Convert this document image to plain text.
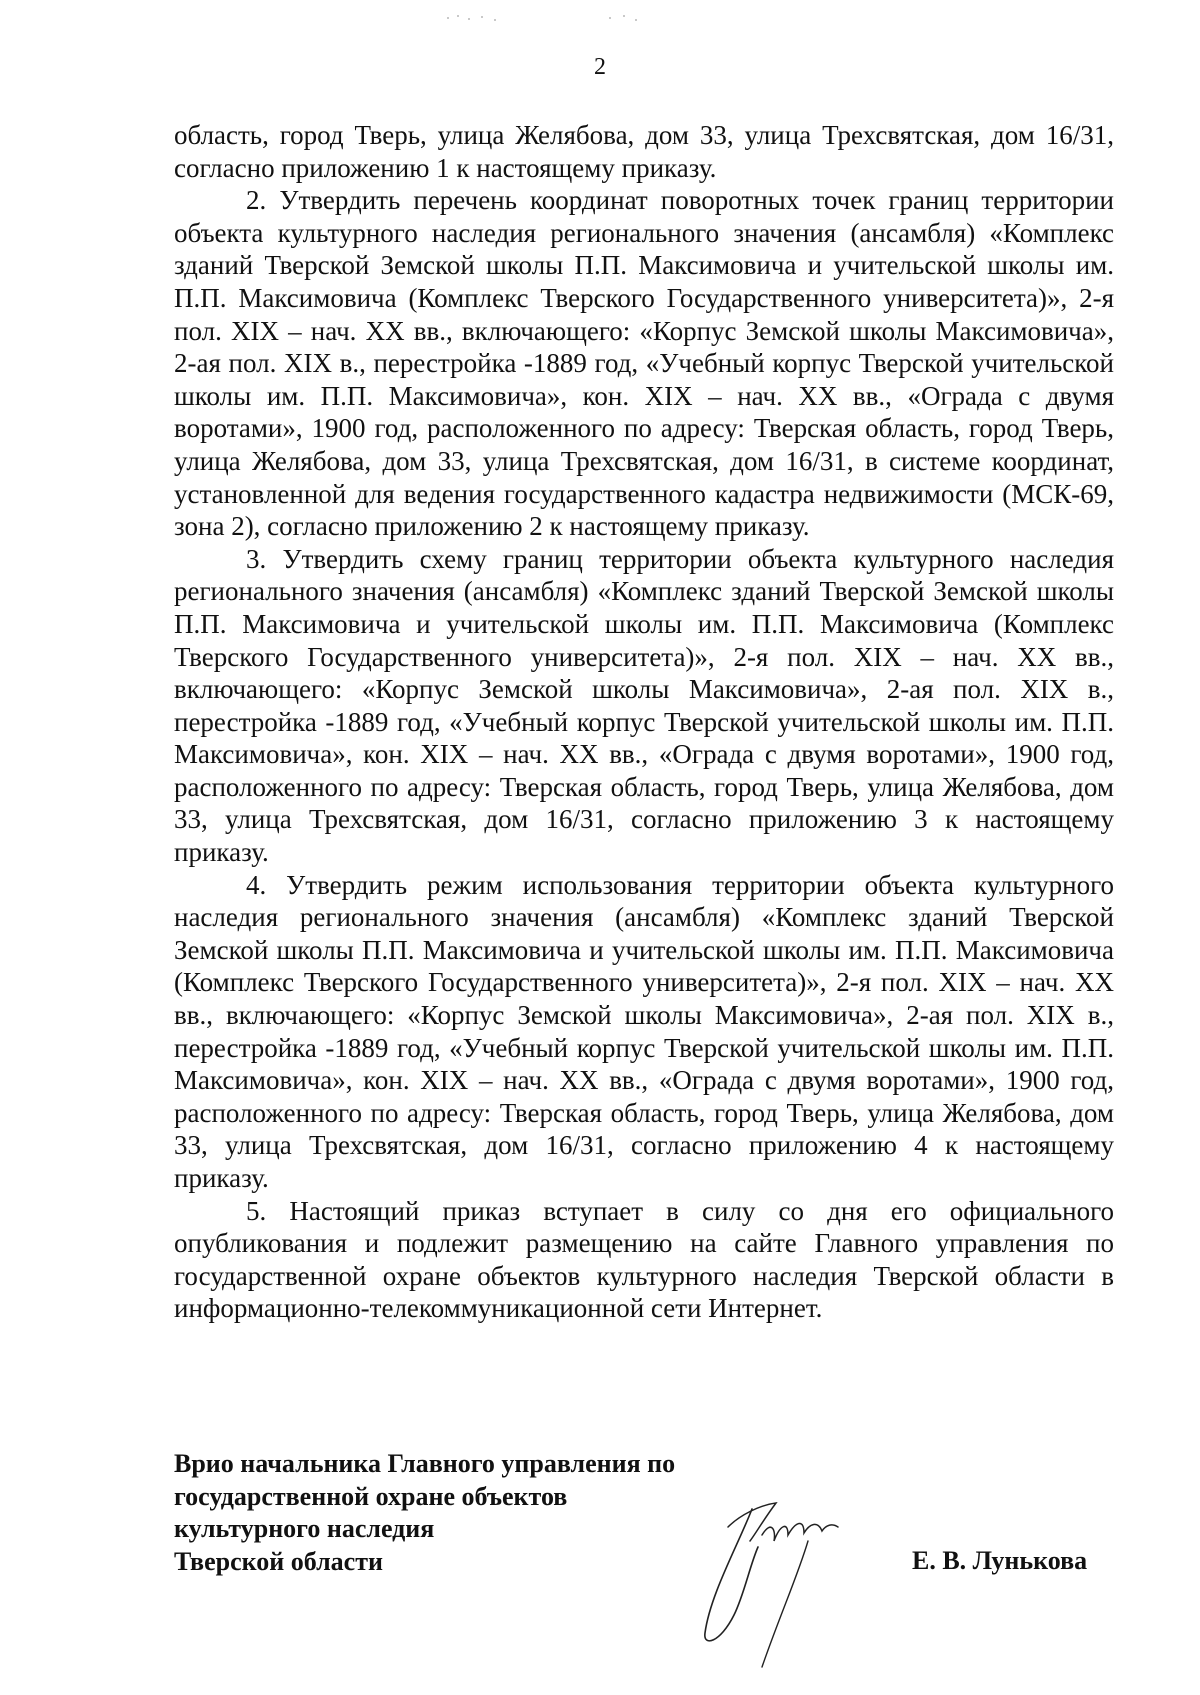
2

область, город Тверь, улица Желябова, дом 33, улица Трехсвятская, дом 16/31, согласно приложению 1 к настоящему приказу.

2. Утвердить перечень координат поворотных точек границ территории объекта культурного наследия регионального значения (ансамбля) «Комплекс зданий Тверской Земской школы П.П. Максимовича и учительской школы им. П.П. Максимовича (Комплекс Тверского Государственного университета)», 2-я пол. XIX – нач. XX вв., включающего: «Корпус Земской школы Максимовича», 2-ая пол. XIX в., перестройка -1889 год, «Учебный корпус Тверской учительской школы им. П.П. Максимовича», кон. XIX – нач. XX вв., «Ограда с двумя воротами», 1900 год, расположенного по адресу: Тверская область, город Тверь, улица Желябова, дом 33, улица Трехсвятская, дом 16/31, в системе координат, установленной для ведения государственного кадастра недвижимости (МСК-69, зона 2), согласно приложению 2 к настоящему приказу.

3. Утвердить схему границ территории объекта культурного наследия регионального значения (ансамбля) «Комплекс зданий Тверской Земской школы П.П. Максимовича и учительской школы им. П.П. Максимовича (Комплекс Тверского Государственного университета)», 2-я пол. XIX – нач. XX вв., включающего: «Корпус Земской школы Максимовича», 2-ая пол. XIX в., перестройка -1889 год, «Учебный корпус Тверской учительской школы им. П.П. Максимовича», кон. XIX – нач. XX вв., «Ограда с двумя воротами», 1900 год, расположенного по адресу: Тверская область, город Тверь, улица Желябова, дом 33, улица Трехсвятская, дом 16/31, согласно приложению 3 к настоящему приказу.

4. Утвердить режим использования территории объекта культурного наследия регионального значения (ансамбля) «Комплекс зданий Тверской Земской школы П.П. Максимовича и учительской школы им. П.П. Максимовича (Комплекс Тверского Государственного университета)», 2-я пол. XIX – нач. XX вв., включающего: «Корпус Земской школы Максимовича», 2-ая пол. XIX в., перестройка -1889 год, «Учебный корпус Тверской учительской школы им. П.П. Максимовича», кон. XIX – нач. XX вв., «Ограда с двумя воротами», 1900 год, расположенного по адресу: Тверская область, город Тверь, улица Желябова, дом 33, улица Трехсвятская, дом 16/31, согласно приложению 4 к настоящему приказу.

5. Настоящий приказ вступает в силу со дня его официального опубликования и подлежит размещению на сайте Главного управления по государственной охране объектов культурного наследия Тверской области в информационно-телекоммуникационной сети Интернет.

Врио начальника Главного управления по
государственной охране объектов
культурного наследия
Тверской области	Е. В. Лунькова
